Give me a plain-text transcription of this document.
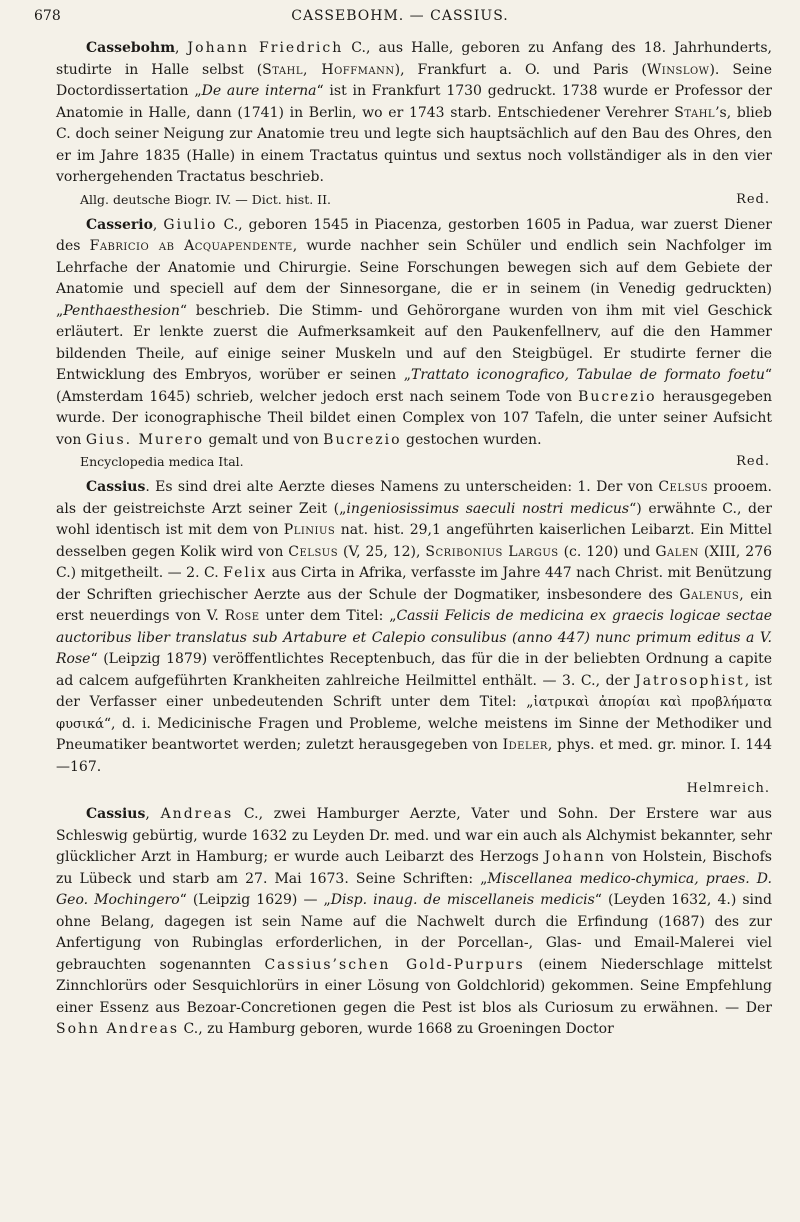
678	CASSEBOHM. — CASSIUS.

Cassebohm, Johann Friedrich C., aus Halle, geboren zu Anfang des 18. Jahrhunderts, studirte in Halle selbst (Stahl, Hoffmann), Frankfurt a. O. und Paris (Winslow). Seine Doctordissertation „De aure interna“ ist in Frankfurt 1730 gedruckt. 1738 wurde er Professor der Anatomie in Halle, dann (1741) in Berlin, wo er 1743 starb. Entschiedener Verehrer Stahl’s, blieb C. doch seiner Neigung zur Anatomie treu und legte sich hauptsächlich auf den Bau des Ohres, den er im Jahre 1835 (Halle) in einem Tractatus quintus und sextus noch vollständiger als in den vier vorhergehenden Tractatus beschrieb.

Allg. deutsche Biogr. IV. — Dict. hist. II.	Red.

Casserio, Giulio C., geboren 1545 in Piacenza, gestorben 1605 in Padua, war zuerst Diener des Fabricio ab Acquapendente, wurde nachher sein Schüler und endlich sein Nachfolger im Lehrfache der Anatomie und Chirurgie. Seine Forschungen bewegen sich auf dem Gebiete der Anatomie und speciell auf dem der Sinnesorgane, die er in seinem (in Venedig gedruckten) „Penthaesthesion“ beschrieb. Die Stimm- und Gehörorgane wurden von ihm mit viel Geschick erläutert. Er lenkte zuerst die Aufmerksamkeit auf den Paukenfellnerv, auf die den Hammer bildenden Theile, auf einige seiner Muskeln und auf den Steigbügel. Er studirte ferner die Entwicklung des Embryos, worüber er seinen „Trattato iconografico, Tabulae de formato foetu“ (Amsterdam 1645) schrieb, welcher jedoch erst nach seinem Tode von Bucrezio herausgegeben wurde. Der iconographische Theil bildet einen Complex von 107 Tafeln, die unter seiner Aufsicht von Gius. Murero gemalt und von Bucrezio gestochen wurden.

Encyclopedia medica Ital.	Red.

Cassius. Es sind drei alte Aerzte dieses Namens zu unterscheiden: 1. Der von Celsus prooem. als der geistreichste Arzt seiner Zeit („ingeniosissimus saeculi nostri medicus“) erwähnte C., der wohl identisch ist mit dem von Plinius nat. hist. 29,1 angeführten kaiserlichen Leibarzt. Ein Mittel desselben gegen Kolik wird von Celsus (V, 25, 12), Scribonius Largus (c. 120) und Galen (XIII, 276 C.) mitgetheilt. — 2. C. Felix aus Cirta in Afrika, verfasste im Jahre 447 nach Christ. mit Benützung der Schriften griechischer Aerzte aus der Schule der Dogmatiker, insbesondere des Galenus, ein erst neuerdings von V. Rose unter dem Titel: „Cassii Felicis de medicina ex graecis logicae sectae auctoribus liber translatus sub Artabure et Calepio consulibus (anno 447) nunc primum editus a V. Rose“ (Leipzig 1879) veröffentlichtes Receptenbuch, das für die in der beliebten Ordnung a capite ad calcem aufgeführten Krankheiten zahlreiche Heilmittel enthält. — 3. C., der Jatrosophist, ist der Verfasser einer unbedeutenden Schrift unter dem Titel: „ἰατρικαὶ ἀπορίαι καὶ προβλήματα φυσικά“, d. i. Medicinische Fragen und Probleme, welche meistens im Sinne der Methodiker und Pneumatiker beantwortet werden; zuletzt herausgegeben von Ideler, phys. et med. gr. minor. I. 144—167.

Helmreich.

Cassius, Andreas C., zwei Hamburger Aerzte, Vater und Sohn. Der Erstere war aus Schleswig gebürtig, wurde 1632 zu Leyden Dr. med. und war ein auch als Alchymist bekannter, sehr glücklicher Arzt in Hamburg; er wurde auch Leibarzt des Herzogs Johann von Holstein, Bischofs zu Lübeck und starb am 27. Mai 1673. Seine Schriften: „Miscellanea medico-chymica, praes. D. Geo. Mochingero“ (Leipzig 1629) — „Disp. inaug. de miscellaneis medicis“ (Leyden 1632, 4.) sind ohne Belang, dagegen ist sein Name auf die Nachwelt durch die Erfindung (1687) des zur Anfertigung von Rubinglas erforderlichen, in der Porcellan-, Glas- und Email-Malerei viel gebrauchten sogenannten Cassius’schen Gold-Purpurs (einem Niederschlage mittelst Zinnchlorürs oder Sesquichlorürs in einer Lösung von Goldchlorid) gekommen. Seine Empfehlung einer Essenz aus Bezoar-Concretionen gegen die Pest ist blos als Curiosum zu erwähnen. — Der Sohn Andreas C., zu Hamburg geboren, wurde 1668 zu Groeningen Doctor
